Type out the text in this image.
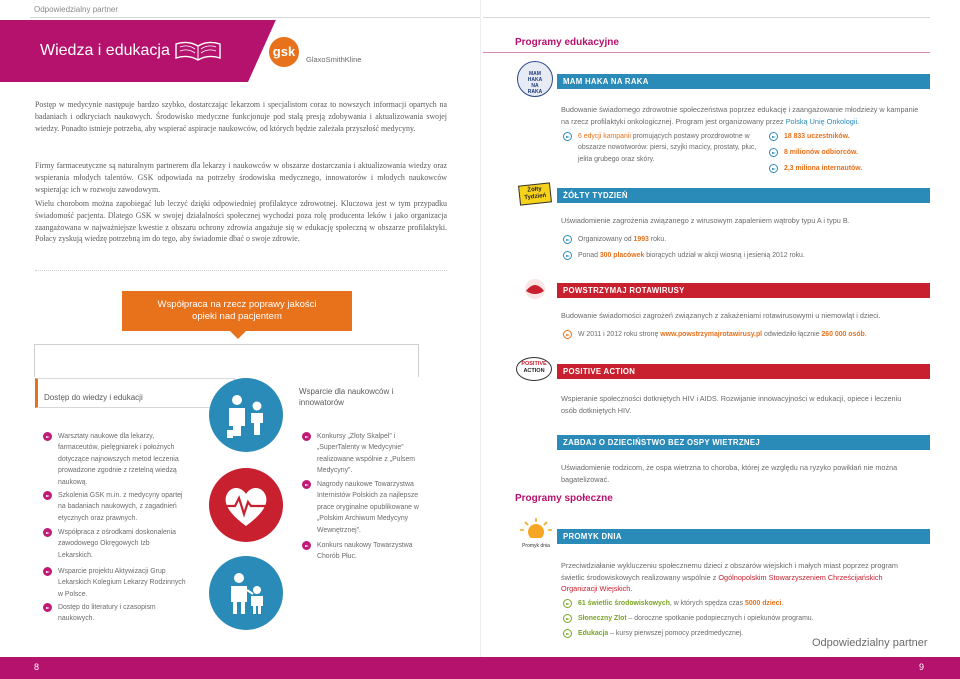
Odpowiedzialny partner
Wiedza i edukacja	gsk
GlaxoSmithKline
Postęp w medycynie następuje bardzo szybko, dostarczając lekarzom i specjalistom coraz to nowszych informacji opartych na badaniach i odkryciach naukowych. Środowisko medyczne funkcjonuje pod stałą presją zdobywania i aktualizowania swojej wiedzy. Ponadto istnieje potrzeba, aby wspierać aspiracje naukowców, od których będzie zależała przyszłość medycyny.
Firmy farmaceutyczne są naturalnym partnerem dla lekarzy i naukowców w obszarze dostarczania i aktualizowania wiedzy oraz wspierania młodych talentów. GSK odpowiada na potrzeby środowiska medycznego, innowatorów i młodych naukowców wspierając ich w rozwoju zawodowym.
Wielu chorobom można zapobiegać lub leczyć dzięki odpowiedniej profilaktyce zdrowotnej. Kluczowa jest w tym przypadku świadomość pacjenta. Dlatego GSK w swojej działalności społecznej wychodzi poza rolę producenta leków i jako organizacja zaangażowana w najważniejsze kwestie z obszaru ochrony zdrowia angażuje się w edukację społeczną w obszarze profilaktyki. Połacy zyskują wiedzę potrzebną im do tego, aby świadomie dbać o swoje zdrowie.
Współpraca na rzecz poprawy jakości opieki nad pacjentem
Dostęp do wiedzy i edukacji
Wsparcie dla naukowców i innowatorów
Warsztaty naukowe dla lekarzy, farmaceutów, pielęgniarek i położnych dotyczące najnowszych metod leczenia prowadzone zgodnie z rzetelną wiedzą naukową.
Szkolenia GSK m.in. z medycyny opartej na badaniach naukowych, z zagadnień etycznych oraz prawnych.
Współpraca z ośrodkami doskonalenia zawodowego Okręgowych Izb Lekarskich.
Wsparcie projektu Aktywizacji Grup Lekarskich Kolegium Lekarzy Rodzinnych w Polsce.
Dostęp do literatury i czasopism naukowych.
Konkursy „Złoty Skalpel” i „SuperTalenty w Medycynie” realizowane wspólnie z „Pulsem Medycyny”.
Nagrody naukowe Towarzystwa Internistów Polskich za najlepsze prace oryginalne opublikowane w „Polskim Archiwum Medycyny Wewnętrznej”.
Konkurs naukowy Towarzystwa Chorób Płuc.
8
Programy edukacyjne
MAM HAKA NA RAKA
MAM HAKA NA RAKA
Budowanie świadomego zdrowotnie społeczeństwa poprzez edukację i zaangażowanie młodzieży w kampanie na rzecz profilaktyki onkologicznej. Program jest organizowany przez Polską Unię Onkologii.
6 edycji kampanii promujących postawy prozdrowotne w obszarze nowotworów: piersi, szyjki macicy, prostaty, płuc, jelita grubego oraz skóry.
18 833 uczestników.
8 milionów odbiorców.
2,3 miliona internautów.
Żółty Tydzień	ŻÓŁTY TYDZIEŃ
Uświadomienie zagrożenia związanego z wirusowym zapaleniem wątroby typu A i typu B.
Organizowany od 1993 roku.
Ponad 300 placówek biorących udział w akcji wiosną i jesienią 2012 roku.
POWSTRZYMAJ ROTAWIRUSY
Budowanie świadomości zagrożeń związanych z zakażeniami rotawirusowymi u niemowląt i dzieci.
W 2011 i 2012 roku stronę www.powstrzymajrotawirusy.pl odwiedziło łącznie 260 000 osób.
POSITIVE
ACTION	POSITIVE ACTION
Wspieranie społeczności dotkniętych HIV i AIDS. Rozwijanie innowacyjności w edukacji, opiece i leczeniu osób dotkniętych HIV.
ZABDAJ O DZIECIŃSTWO BEZ OSPY WIETRZNEJ
Uświadomienie rodzicom, że ospa wietrzna to choroba, której ze względu na ryzyko powikłań nie można bagatelizować.
Programy społeczne
Promyk dnia
PROMYK DNIA
Przeciwdziałanie wykluczeniu społecznemu dzieci z obszarów wiejskich i małych miast poprzez program świetlic środowiskowych realizowany wspólnie z Ogólnopolskim Stowarzyszeniem Chrześcijańskich Organizacji Wiejskich.
61 świetlic środowiskowych, w których spędza czas 5000 dzieci.
Słoneczny Zlot – doroczne spotkanie podopiecznych i opiekunów programu.
Edukacja – kursy pierwszej pomocy przedmedycznej.
Odpowiedzialny partner
9
